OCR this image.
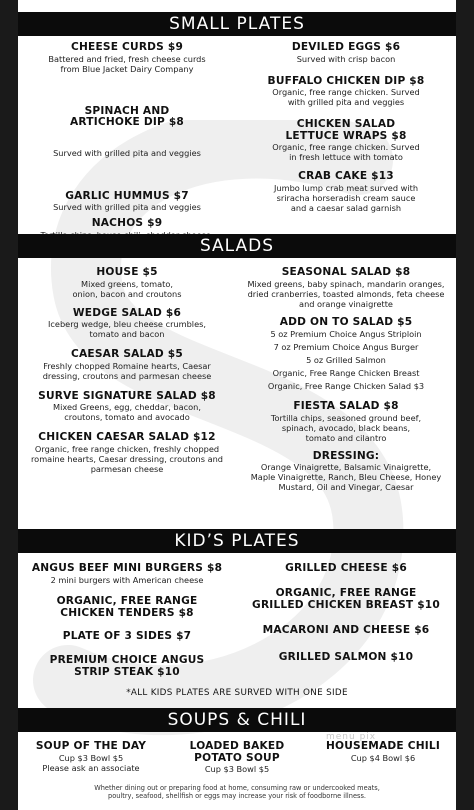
SMALL PLATES
CHEESE CURDS $9
Battered and fried, fresh cheese curds
from Blue Jacket Dairy Company

SPINACH AND
ARTICHOKE DIP $8

Surved with grilled pita and veggies

GARLIC HUMMUS $7
Surved with grilled pita and veggies
NACHOS $9
DEVILED EGGS $6
Surved with crisp bacon
BUFFALO CHICKEN DIP $8
Organic, free range chicken. Surved
with grilled pita and veggies
CHICKEN SALAD
LETTUCE WRAPS $8
Organic, free range chicken. Surved
in fresh lettuce with tomato
CRAB CAKE $13
Jumbo lump crab meat surved with
sriracha horseradish cream sauce
and a caesar salad garnish
SALADS
HOUSE $5
Mixed greens, tomato,
onion, bacon and croutons
WEDGE SALAD $6
Iceberg wedge, bleu cheese crumbles,
tomato and bacon
CAESAR SALAD $5
Freshly chopped Romaine hearts, Caesar
dressing, croutons and parmesan cheese
SURVE SIGNATURE SALAD $8
Mixed Greens, egg, cheddar, bacon,
croutons, tomato and avocado
CHICKEN CAESAR SALAD $12
Organic, free range chicken, freshly chopped
romaine hearts, Caesar dressing, croutons and
parmesan cheese
SEASONAL SALAD $8
Mixed greens, baby spinach, mandarin oranges,
dried cranberries, toasted almonds, feta cheese
and orange vinaigrette
ADD ON TO SALAD $5
5 oz Premium Choice Angus Striploin
7 oz Premium Choice Angus Burger
5 oz Grilled Salmon
Organic, Free Range Chicken Breast
Organic, Free Range Chicken Salad $3
FIESTA SALAD $8
Tortilla chips, seasoned ground beef,
spinach, avocado, black beans,
tomato and cilantro
DRESSING:
Orange Vinaigrette, Balsamic Vinaigrette,
Maple Vinaigrette, Ranch, Bleu Cheese, Honey
Mustard, Oil and Vinegar, Caesar
KID’S PLATES
ANGUS BEEF MINI BURGERS $8
2 mini burgers with American cheese
ORGANIC, FREE RANGE
CHICKEN TENDERS $8
PLATE OF 3 SIDES $7
PREMIUM CHOICE ANGUS
STRIP STEAK $10
GRILLED CHEESE $6
ORGANIC, FREE RANGE
GRILLED CHICKEN BREAST $10
MACARONI AND CHEESE $6
GRILLED SALMON $10
*ALL KIDS PLATES ARE SURVED WITH ONE SIDE
SOUPS & CHILI
SOUP OF THE DAY
Cup $3 Bowl $5
Please ask an associate
LOADED BAKED
POTATO SOUP
Cup $3 Bowl $5
HOUSEMADE CHILI
Cup $4 Bowl $6
Whether dining out or preparing food at home, consuming raw or undercooked meats,
poultry, seafood, shellfish or eggs may increase your risk of foodborne illness.
menu pix
